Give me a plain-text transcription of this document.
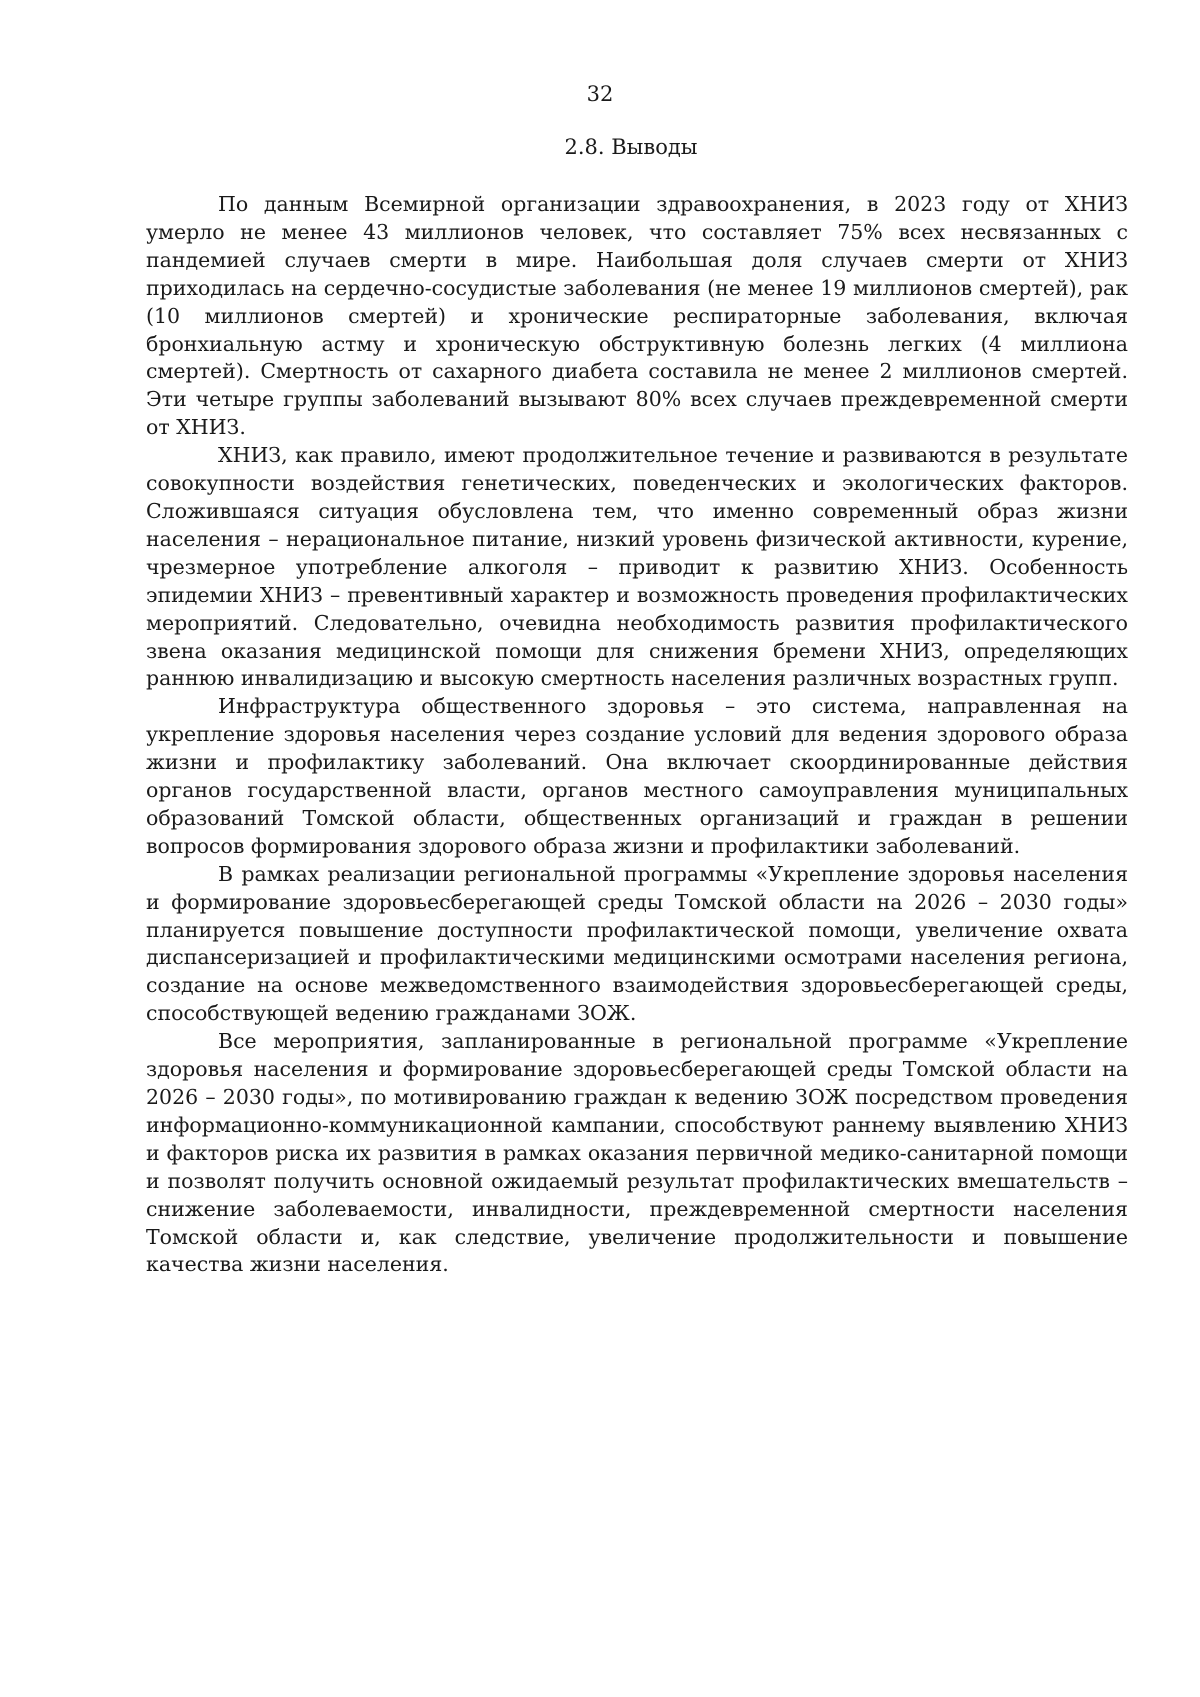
32
2.8. Выводы

По данным Всемирной организации здравоохранения, в 2023 году от ХНИЗ умерло не менее 43 миллионов человек, что составляет 75% всех несвязанных с пандемией случаев смерти в мире. Наибольшая доля случаев смерти от ХНИЗ приходилась на сердечно-сосудистые заболевания (не менее 19 миллионов смертей), рак (10 миллионов смертей) и хронические респираторные заболевания, включая бронхиальную астму и хроническую обструктивную болезнь легких (4 миллиона смертей). Смертность от сахарного диабета составила не менее 2 миллионов смертей. Эти четыре группы заболеваний вызывают 80% всех случаев преждевременной смерти от ХНИЗ.

ХНИЗ, как правило, имеют продолжительное течение и развиваются в результате совокупности воздействия генетических, поведенческих и экологических факторов. Сложившаяся ситуация обусловлена тем, что именно современный образ жизни населения – нерациональное питание, низкий уровень физической активности, курение, чрезмерное употребление алкоголя – приводит к развитию ХНИЗ. Особенность эпидемии ХНИЗ – превентивный характер и возможность проведения профилактических мероприятий. Следовательно, очевидна необходимость развития профилактического звена оказания медицинской помощи для снижения бремени ХНИЗ, определяющих раннюю инвалидизацию и высокую смертность населения различных возрастных групп.

Инфраструктура общественного здоровья – это система, направленная на укрепление здоровья населения через создание условий для ведения здорового образа жизни и профилактику заболеваний. Она включает скоординированные действия органов государственной власти, органов местного самоуправления муниципальных образований Томской области, общественных организаций и граждан в решении вопросов формирования здорового образа жизни и профилактики заболеваний.

В рамках реализации региональной программы «Укрепление здоровья населения и формирование здоровьесберегающей среды Томской области на 2026 – 2030 годы» планируется повышение доступности профилактической помощи, увеличение охвата диспансеризацией и профилактическими медицинскими осмотрами населения региона, создание на основе межведомственного взаимодействия здоровьесберегающей среды, способствующей ведению гражданами ЗОЖ.

Все мероприятия, запланированные в региональной программе «Укрепление здоровья населения и формирование здоровьесберегающей среды Томской области на 2026 – 2030 годы», по мотивированию граждан к ведению ЗОЖ посредством проведения информационно-коммуникационной кампании, способствуют раннему выявлению ХНИЗ и факторов риска их развития в рамках оказания первичной медико-санитарной помощи и позволят получить основной ожидаемый результат профилактических вмешательств – снижение заболеваемости, инвалидности, преждевременной смертности населения Томской области и, как следствие, увеличение продолжительности и повышение качества жизни населения.
